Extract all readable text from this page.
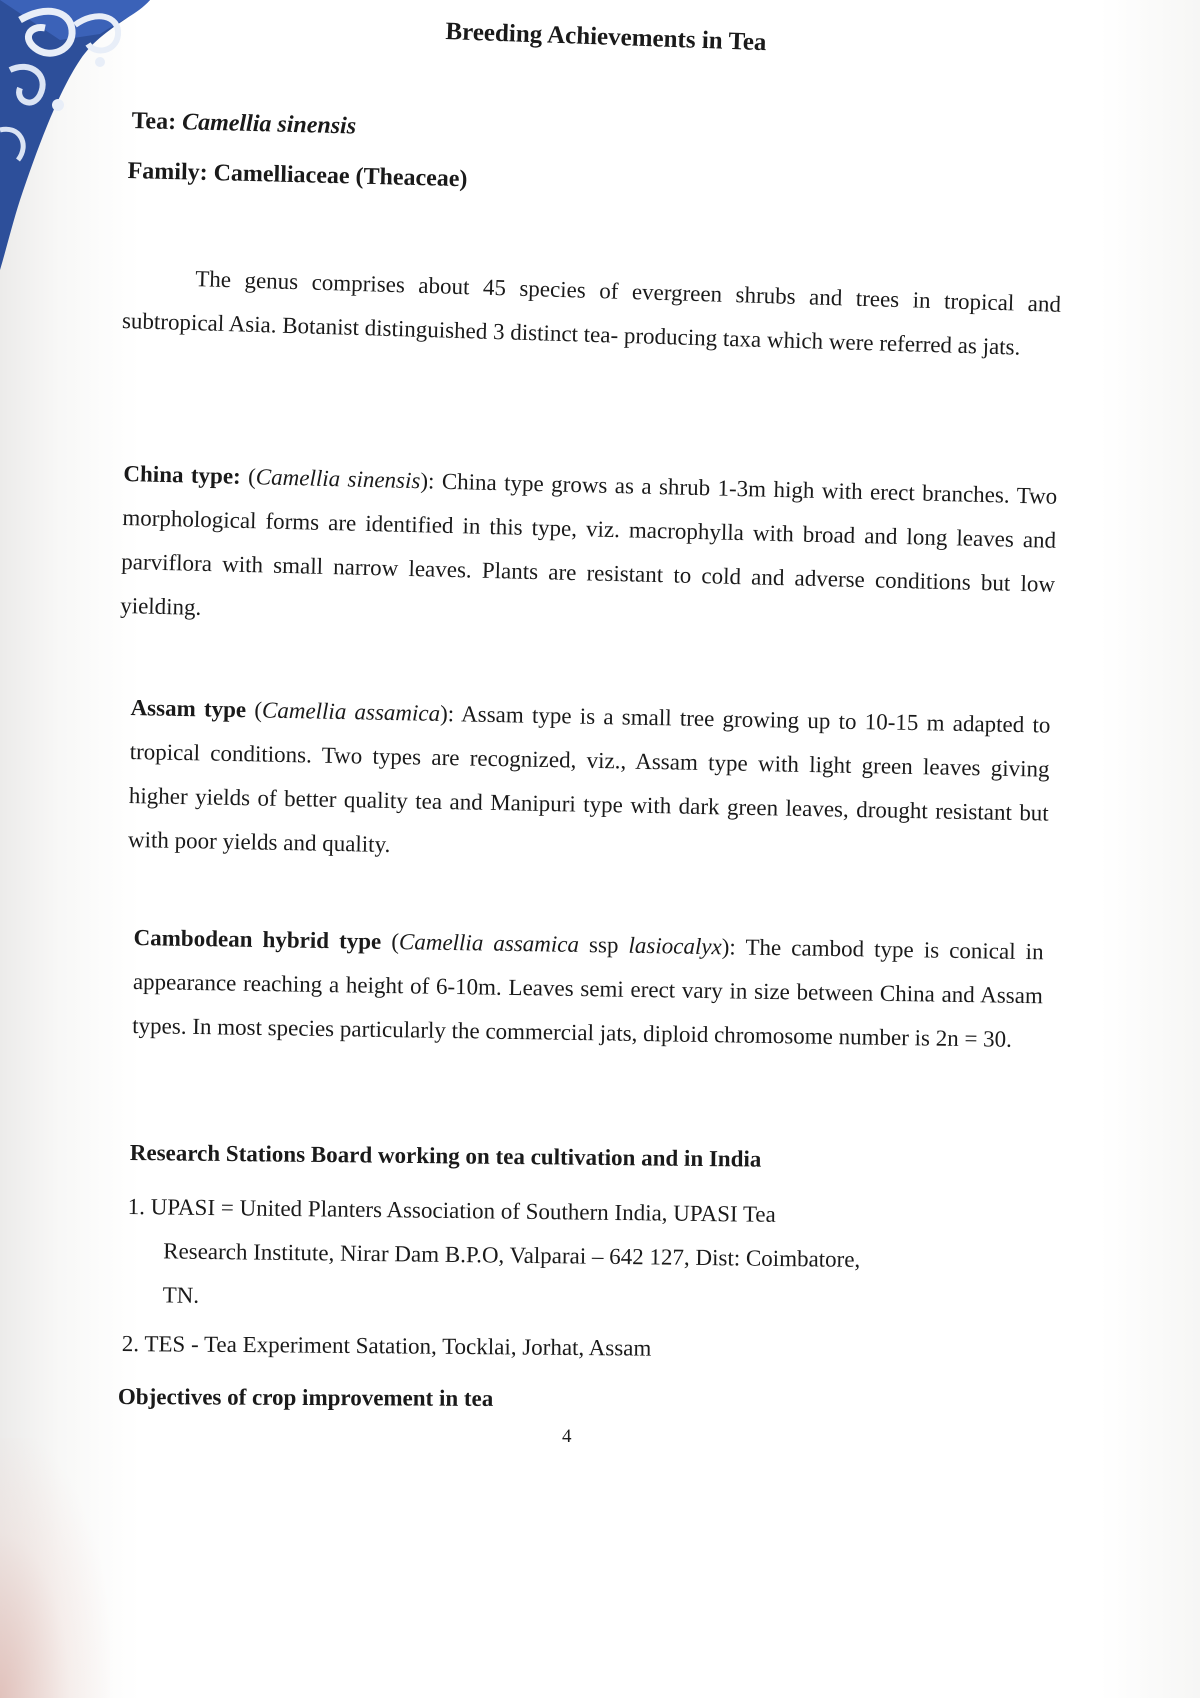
Breeding Achievements in Tea
Tea: Camellia sinensis
Family: Camelliaceae (Theaceae)
The genus comprises about 45 species of evergreen shrubs and trees in tropical and subtropical Asia. Botanist distinguished 3 distinct tea- producing taxa which were referred as jats.
China type: (Camellia sinensis): China type grows as a shrub 1-3m high with erect branches. Two morphological forms are identified in this type, viz. macrophylla with broad and long leaves and parviflora with small narrow leaves. Plants are resistant to cold and adverse conditions but low yielding.
Assam type (Camellia assamica): Assam type is a small tree growing up to 10-15 m adapted to tropical conditions. Two types are recognized, viz., Assam type with light green leaves giving higher yields of better quality tea and Manipuri type with dark green leaves, drought resistant but with poor yields and quality.
Cambodean hybrid type (Camellia assamica ssp lasiocalyx): The cambod type is conical in appearance reaching a height of 6-10m. Leaves semi erect vary in size between China and Assam types. In most species particularly the commercial jats, diploid chromosome number is 2n = 30.
Research Stations Board working on tea cultivation and in India
1. UPASI = United Planters Association of Southern India, UPASI Tea
Research Institute, Nirar Dam B.P.O, Valparai – 642 127, Dist: Coimbatore,
TN.
2. TES - Tea Experiment Satation, Tocklai, Jorhat, Assam
Objectives of crop improvement in tea
4
